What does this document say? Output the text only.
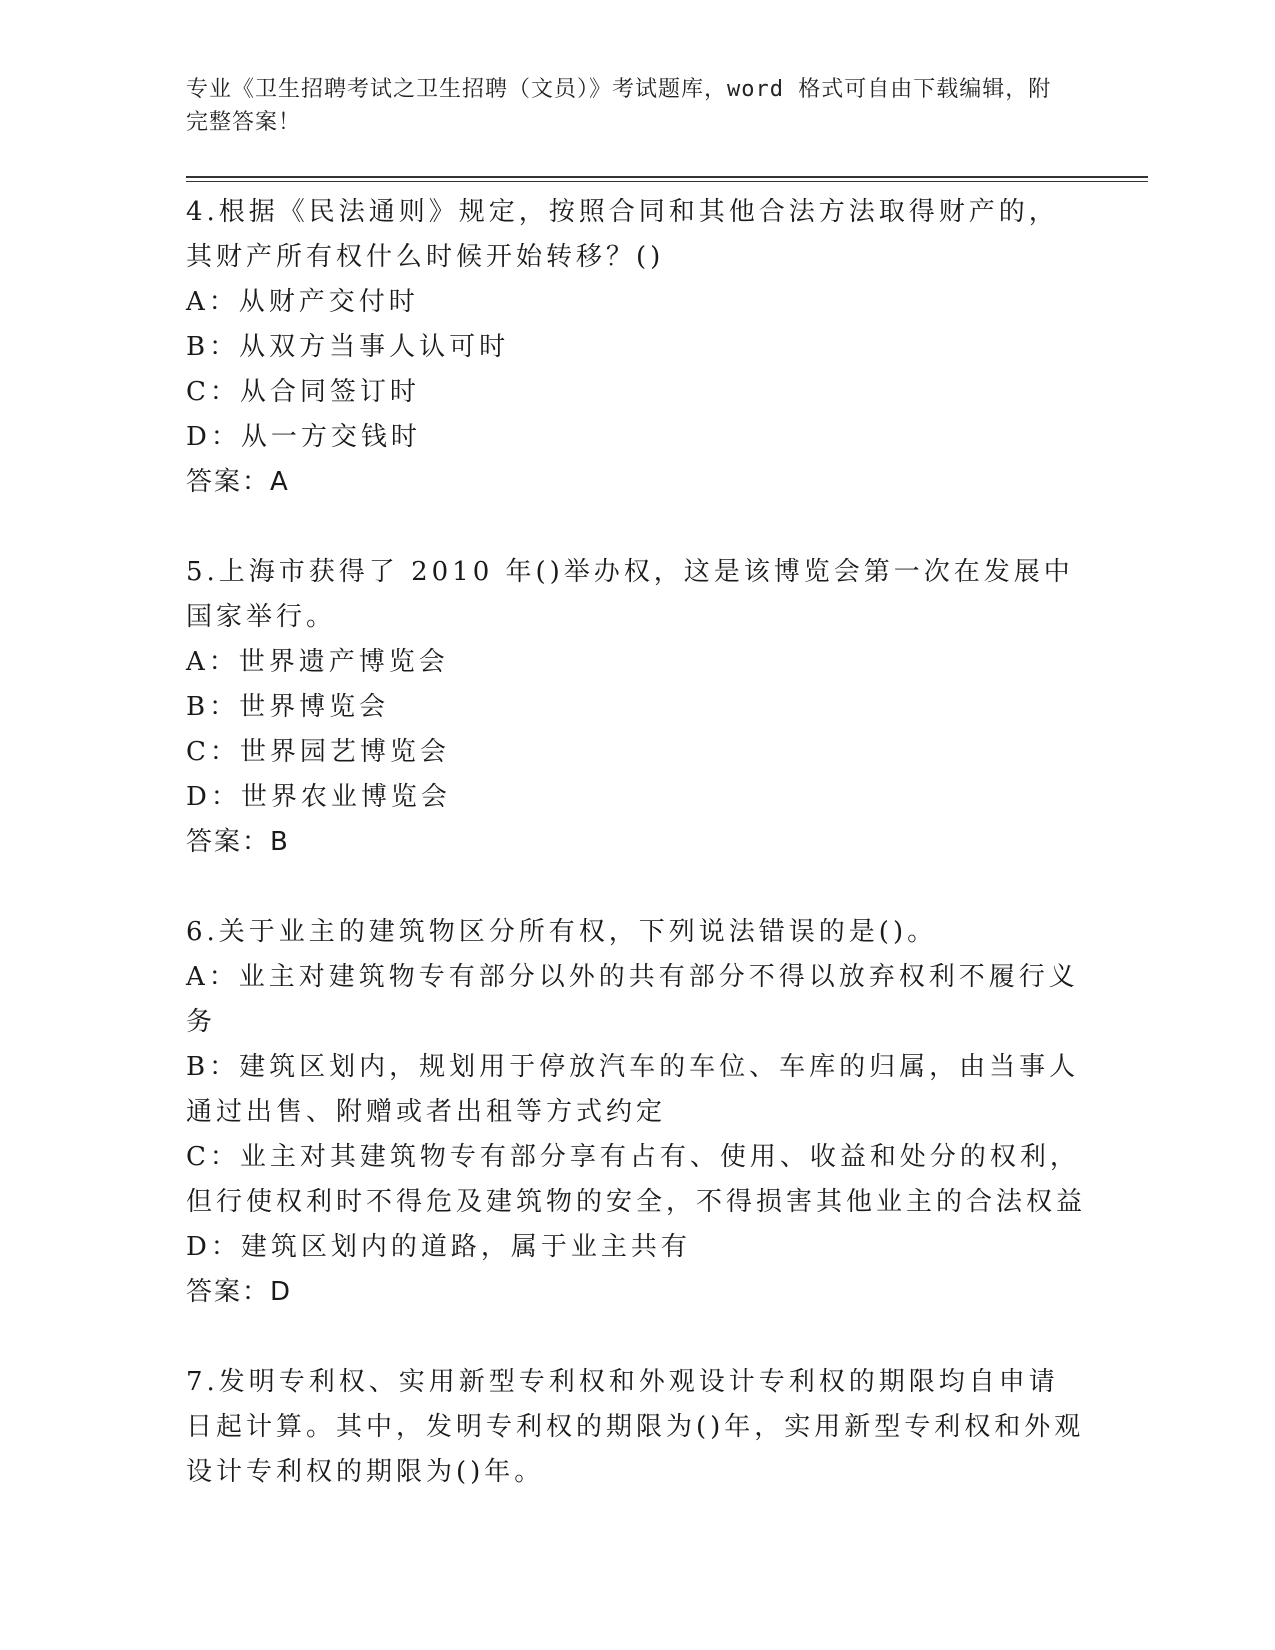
专业《卫生招聘考试之卫生招聘（文员）》考试题库，word 格式可自由下载编辑，附完整答案！

4.根据《民法通则》规定，按照合同和其他合法方法取得财产的，其财产所有权什么时候开始转移？()

A：从财产交付时

B：从双方当事人认可时

C：从合同签订时

D：从一方交钱时

答案：A

5.上海市获得了 2010 年()举办权，这是该博览会第一次在发展中国家举行。

A：世界遗产博览会

B：世界博览会

C：世界园艺博览会

D：世界农业博览会

答案：B

6.关于业主的建筑物区分所有权，下列说法错误的是()。

A：业主对建筑物专有部分以外的共有部分不得以放弃权利不履行义务

B：建筑区划内，规划用于停放汽车的车位、车库的归属，由当事人通过出售、附赠或者出租等方式约定

C：业主对其建筑物专有部分享有占有、使用、收益和处分的权利，但行使权利时不得危及建筑物的安全，不得损害其他业主的合法权益

D：建筑区划内的道路，属于业主共有

答案：D

7.发明专利权、实用新型专利权和外观设计专利权的期限均自申请日起计算。其中，发明专利权的期限为()年，实用新型专利权和外观设计专利权的期限为()年。
